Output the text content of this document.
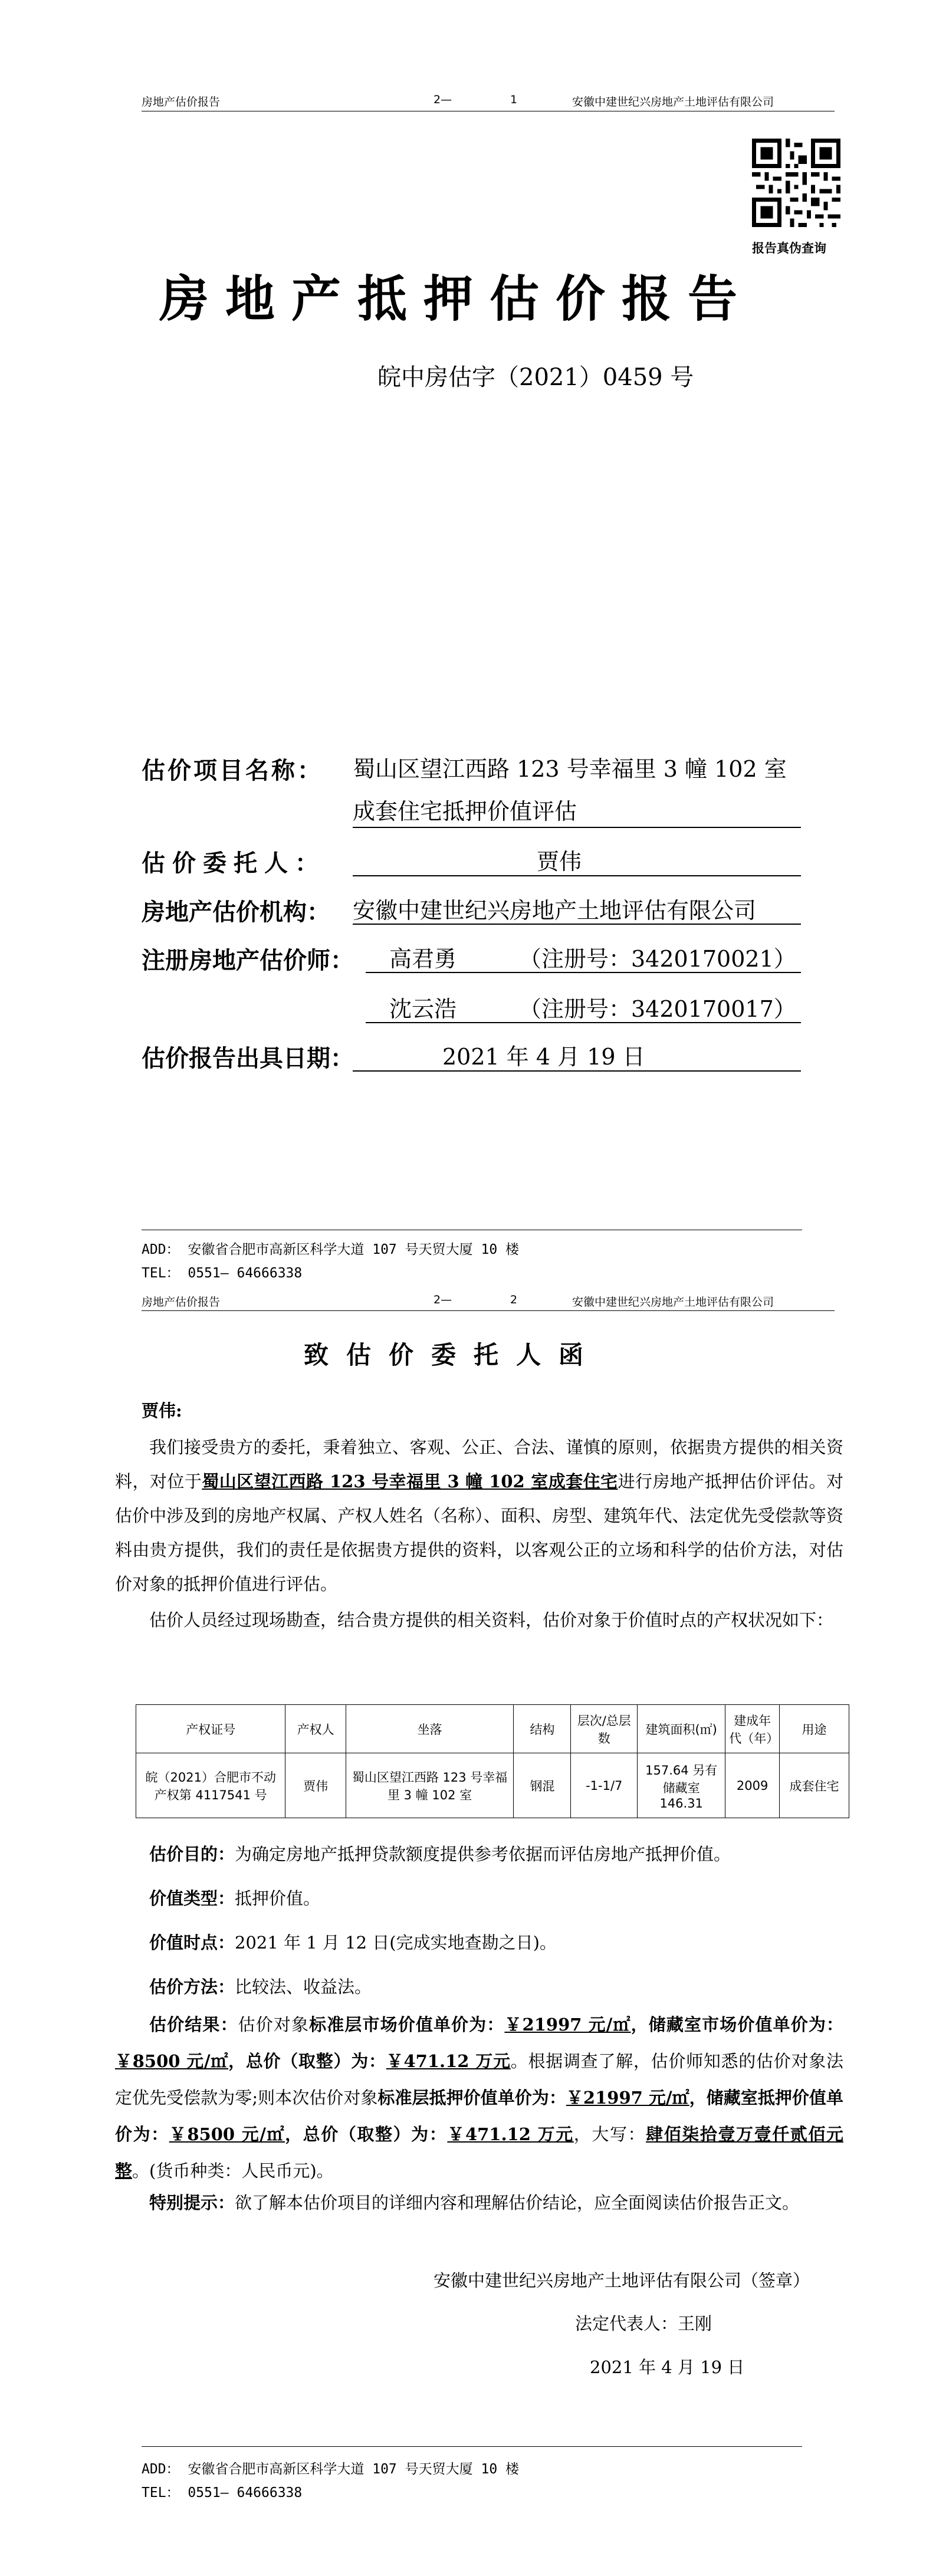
房地产估价报告	2—	1	安徽中建世纪兴房地产土地评估有限公司
报告真伪查询
房地产抵押估价报告
皖中房估字（2021）0459 号
估价项目名称： 蜀山区望江西路 123 号幸福里 3 幢 102 室
成套住宅抵押价值评估
估价委托人：	贾伟
房地产估价机构： 安徽中建世纪兴房地产土地评估有限公司
注册房地产估价师： 高君勇	（注册号：3420170021）
沈云浩	（注册号：3420170017）
估价报告出具日期：	2021 年 4 月 19 日
ADD： 安徽省合肥市高新区科学大道 107 号天贸大厦 10 楼
TEL： 0551— 64666338
房地产估价报告	2—	2	安徽中建世纪兴房地产土地评估有限公司
致估价委托人函
贾伟:
我们接受贵方的委托，秉着独立、客观、公正、合法、谨慎的原则，依据贵方提供的相关资料，对位于蜀山区望江西路 123 号幸福里 3 幢 102 室成套住宅进行房地产抵押估价评估。对估价中涉及到的房地产权属、产权人姓名（名称）、面积、房型、建筑年代、法定优先受偿款等资料由贵方提供，我们的责任是依据贵方提供的资料，以客观公正的立场和科学的估价方法，对估价对象的抵押价值进行评估。
估价人员经过现场勘查，结合贵方提供的相关资料，估价对象于价值时点的产权状况如下：
产权证号	产权人	坐落	结构	层次/总层数	建筑面积(㎡)	建成年代（年）	用途
皖（2021）合肥市不动产权第 4117541 号	贾伟	蜀山区望江西路 123 号幸福里 3 幢 102 室	钢混	-1-1/7	157.64 另有储藏室 146.31	2009	成套住宅
估价目的：为确定房地产抵押贷款额度提供参考依据而评估房地产抵押价值。
价值类型：抵押价值。
价值时点：2021 年 1 月 12 日(完成实地查勘之日)。
估价方法：比较法、收益法。
估价结果：估价对象标准层市场价值单价为：￥21997 元/㎡，储藏室市场价值单价为：￥8500 元/㎡，总价（取整）为：￥471.12 万元。根据调查了解，估价师知悉的估价对象法定优先受偿款为零;则本次估价对象标准层抵押价值单价为：￥21997 元/㎡，储藏室抵押价值单价为：￥8500 元/㎡，总价（取整）为：￥471.12 万元，大写：肆佰柒拾壹万壹仟贰佰元整。(货币种类：人民币元)。
特别提示：欲了解本估价项目的详细内容和理解估价结论，应全面阅读估价报告正文。
安徽中建世纪兴房地产土地评估有限公司（签章）
法定代表人：王刚
2021 年 4 月 19 日
ADD： 安徽省合肥市高新区科学大道 107 号天贸大厦 10 楼
TEL： 0551— 64666338
